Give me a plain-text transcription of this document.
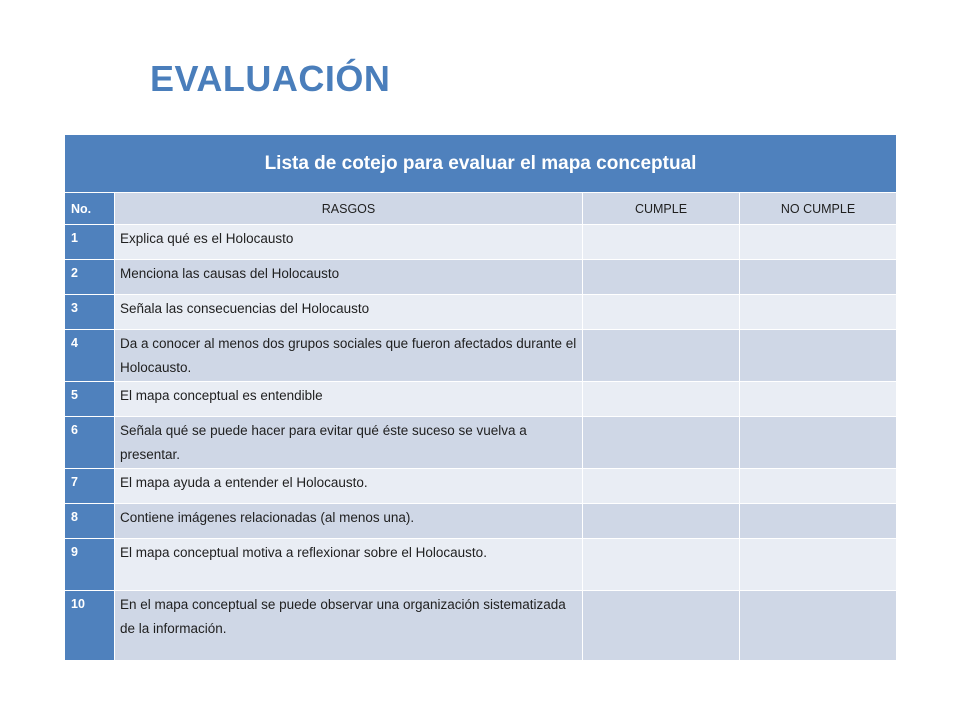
EVALUACIÓN
Lista de cotejo para evaluar el mapa conceptual			
No.	RASGOS	CUMPLE	NO CUMPLE
1	Explica qué es el Holocausto		
2	Menciona las causas del Holocausto		
3	Señala las consecuencias del Holocausto		
4	Da a conocer al menos dos grupos sociales que fueron afectados durante el Holocausto.		
5	El mapa conceptual es entendible		
6	Señala qué se puede hacer para evitar qué éste suceso se vuelva a presentar.		
7	El mapa ayuda a entender el Holocausto.		
8	Contiene imágenes relacionadas (al menos una).		
9	El mapa conceptual motiva a reflexionar sobre el Holocausto.		
10	En el mapa conceptual se puede observar una organización sistematizada de la información.		
